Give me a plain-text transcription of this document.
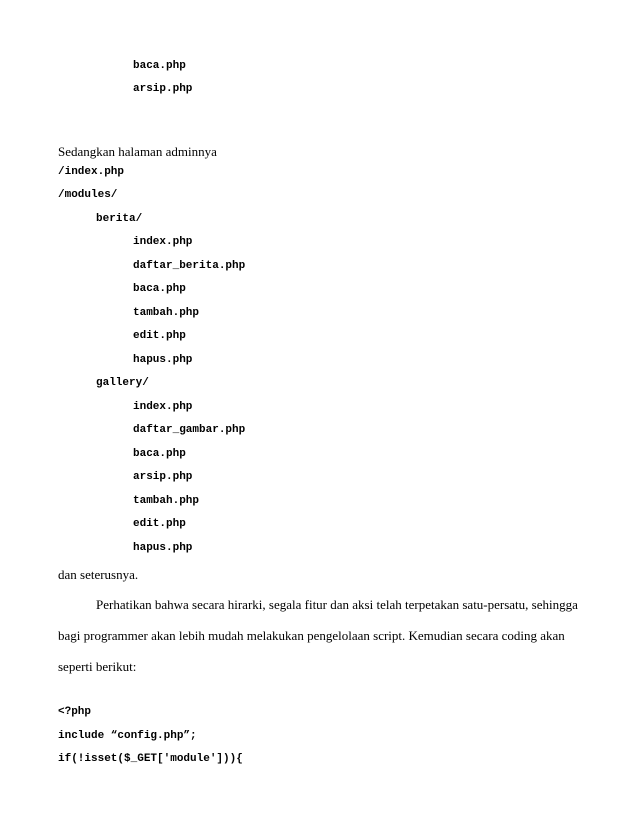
baca.php
arsip.php
Sedangkan halaman adminnya
/index.php
/modules/
berita/
index.php
daftar_berita.php
baca.php
tambah.php
edit.php
hapus.php
gallery/
index.php
daftar_gambar.php
baca.php
arsip.php
tambah.php
edit.php
hapus.php
dan seterusnya.
Perhatikan bahwa secara hirarki, segala fitur dan aksi telah terpetakan satu-persatu, sehingga
bagi programmer akan lebih mudah melakukan pengelolaan script. Kemudian secara coding akan
seperti berikut:
<?php
include “config.php”;
if(!isset($_GET['module'])){
